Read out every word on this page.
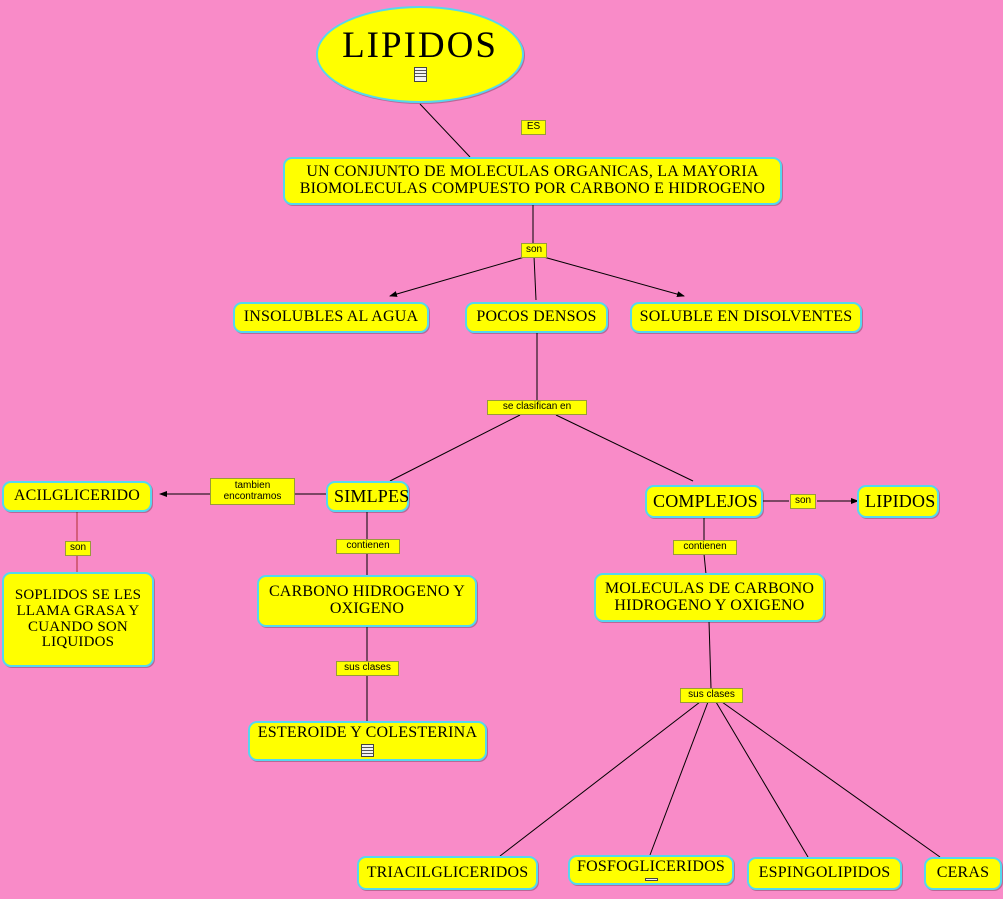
LIPIDOS
ES
UN CONJUNTO DE MOLECULAS ORGANICAS, LA MAYORIA BIOMOLECULAS COMPUESTO POR CARBONO E HIDROGENO
son
INSOLUBLES AL AGUA	POCOS DENSOS	SOLUBLE EN DISOLVENTES
se clasifican en
tambien encontramos
ACILGLICERIDO
son
SOPLIDOS SE LES LLAMA GRASA Y CUANDO SON LIQUIDOS
SIMLPES
contienen
CARBONO HIDROGENO Y OXIGENO
sus clases
ESTEROIDE Y COLESTERINA
COMPLEJOS	son	LIPIDOS
contienen
MOLECULAS DE CARBONO HIDROGENO Y OXIGENO
sus clases
TRIACILGLICERIDOS	FOSFOGLICERIDOS ESPINGOLIPIDOS	CERAS
